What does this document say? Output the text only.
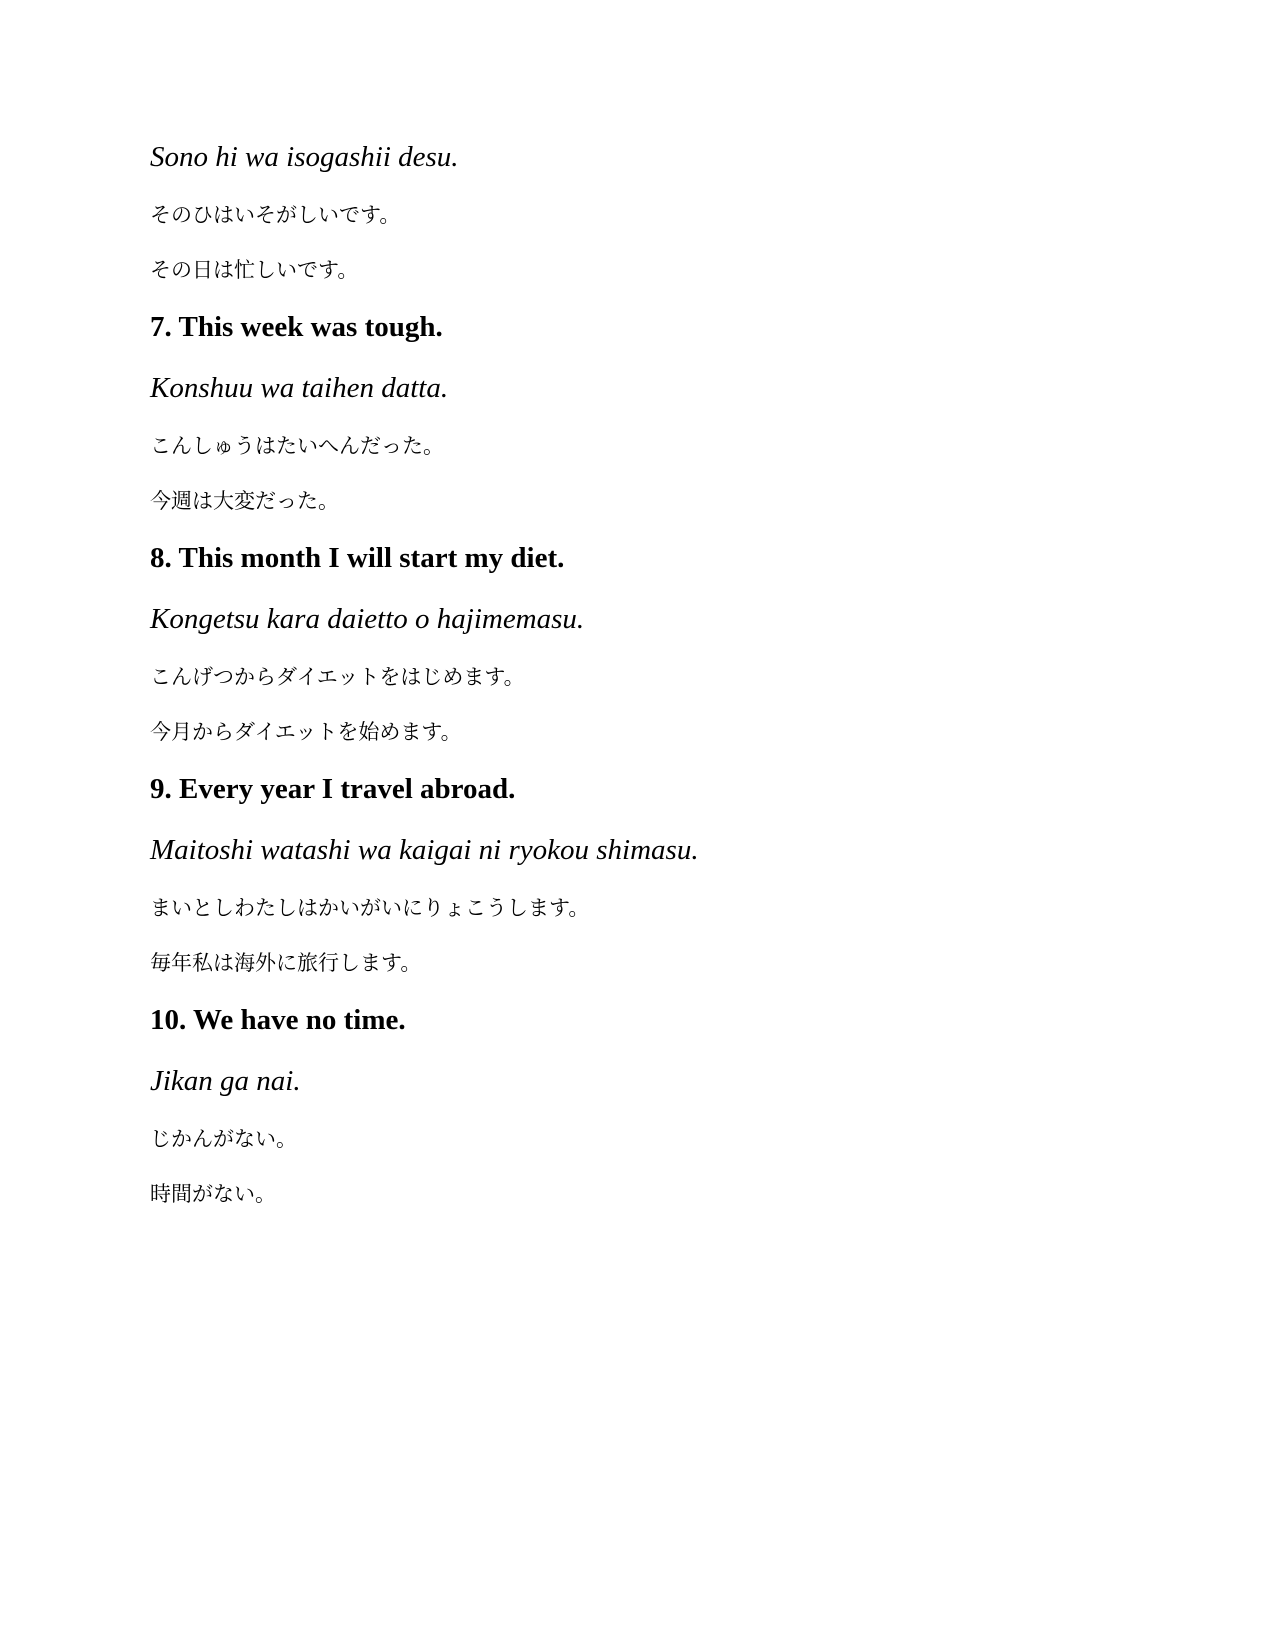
Sono hi wa isogashii desu.
そのひはいそがしいです。
その日は忙しいです。
7. This week was tough.
Konshuu wa taihen datta.
こんしゅうはたいへんだった。
今週は大変だった。
8. This month I will start my diet.
Kongetsu kara daietto o hajimemasu.
こんげつからダイエットをはじめます。
今月からダイエットを始めます。
9. Every year I travel abroad.
Maitoshi watashi wa kaigai ni ryokou shimasu.
まいとしわたしはかいがいにりょこうします。
毎年私は海外に旅行します。
10. We have no time.
Jikan ga nai.
じかんがない。
時間がない。
